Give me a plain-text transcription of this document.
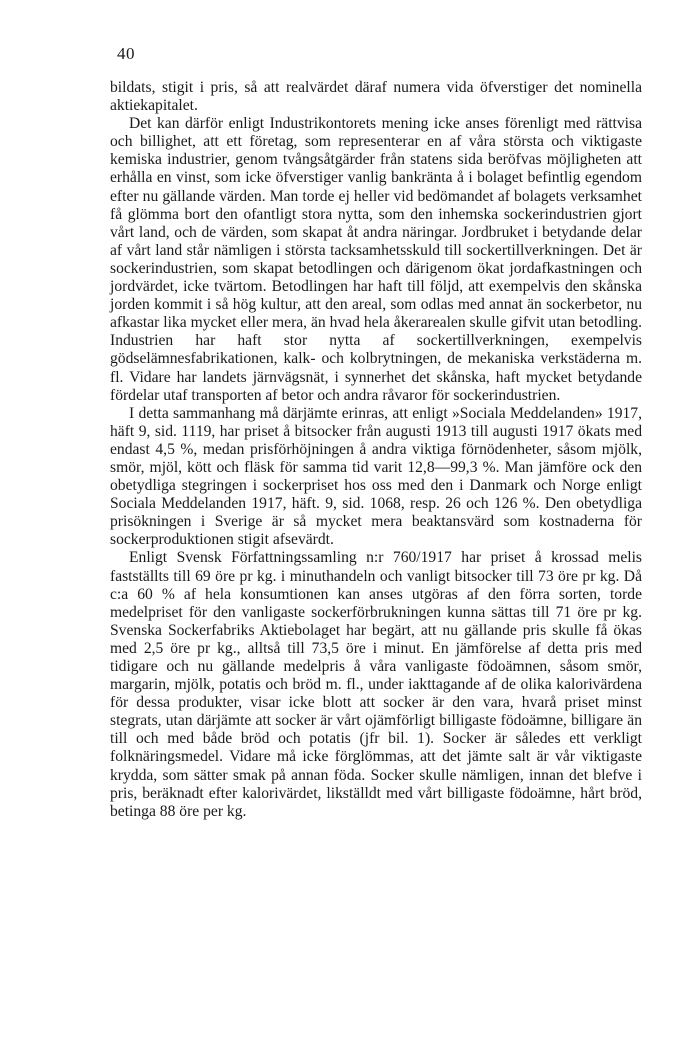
40

bildats, stigit i pris, så att realvärdet däraf numera vida öfverstiger det nominella aktiekapitalet.

Det kan därför enligt Industrikontorets mening icke anses förenligt med rättvisa och billighet, att ett företag, som representerar en af våra största och viktigaste kemiska industrier, genom tvångsåtgärder från statens sida beröfvas möjligheten att erhålla en vinst, som icke öfverstiger vanlig bankränta å i bolaget befintlig egendom efter nu gällande värden. Man torde ej heller vid bedömandet af bolagets verksamhet få glömma bort den ofantligt stora nytta, som den inhemska sockerindustrien gjort vårt land, och de värden, som skapat åt andra näringar. Jordbruket i betydande delar af vårt land står nämligen i största tacksamhetsskuld till sockertillverkningen. Det är sockerindustrien, som skapat betodlingen och därigenom ökat jordafkastningen och jordvärdet, icke tvärtom. Betodlingen har haft till följd, att exempelvis den skånska jorden kommit i så hög kultur, att den areal, som odlas med annat än sockerbetor, nu afkastar lika mycket eller mera, än hvad hela åkerarealen skulle gifvit utan betodling. Industrien har haft stor nytta af sockertillverkningen, exempelvis gödselämnesfabrikationen, kalk- och kolbrytningen, de mekaniska verkstäderna m. fl. Vidare har landets järnvägsnät, i synnerhet det skånska, haft mycket betydande fördelar utaf transporten af betor och andra råvaror för sockerindustrien.

I detta sammanhang må därjämte erinras, att enligt »Sociala Meddelanden» 1917, häft 9, sid. 1119, har priset å bitsocker från augusti 1913 till augusti 1917 ökats med endast 4,5 %, medan prisförhöjningen å andra viktiga förnödenheter, såsom mjölk, smör, mjöl, kött och fläsk för samma tid varit 12,8—99,3 %. Man jämföre ock den obetydliga stegringen i sockerpriset hos oss med den i Danmark och Norge enligt Sociala Meddelanden 1917, häft. 9, sid. 1068, resp. 26 och 126 %. Den obetydliga prisökningen i Sverige är så mycket mera beaktansvärd som kostnaderna för sockerproduktionen stigit afsevärdt.

Enligt Svensk Författningssamling n:r 760/1917 har priset å krossad melis fastställts till 69 öre pr kg. i minuthandeln och vanligt bitsocker till 73 öre pr kg. Då c:a 60 % af hela konsumtionen kan anses utgöras af den förra sorten, torde medelpriset för den vanligaste sockerförbrukningen kunna sättas till 71 öre pr kg. Svenska Sockerfabriks Aktiebolaget har begärt, att nu gällande pris skulle få ökas med 2,5 öre pr kg., alltså till 73,5 öre i minut. En jämförelse af detta pris med tidigare och nu gällande medelpris å våra vanligaste födoämnen, såsom smör, margarin, mjölk, potatis och bröd m. fl., under iakttagande af de olika kalorivärdena för dessa produkter, visar icke blott att socker är den vara, hvarå priset minst stegrats, utan därjämte att socker är vårt ojämförligt billigaste födoämne, billigare än till och med både bröd och potatis (jfr bil. 1). Socker är således ett verkligt folknäringsmedel. Vidare må icke förglömmas, att det jämte salt är vår viktigaste krydda, som sätter smak på annan föda. Socker skulle nämligen, innan det blefve i pris, beräknadt efter kalorivärdet, likställdt med vårt billigaste födoämne, hårt bröd, betinga 88 öre per kg.
